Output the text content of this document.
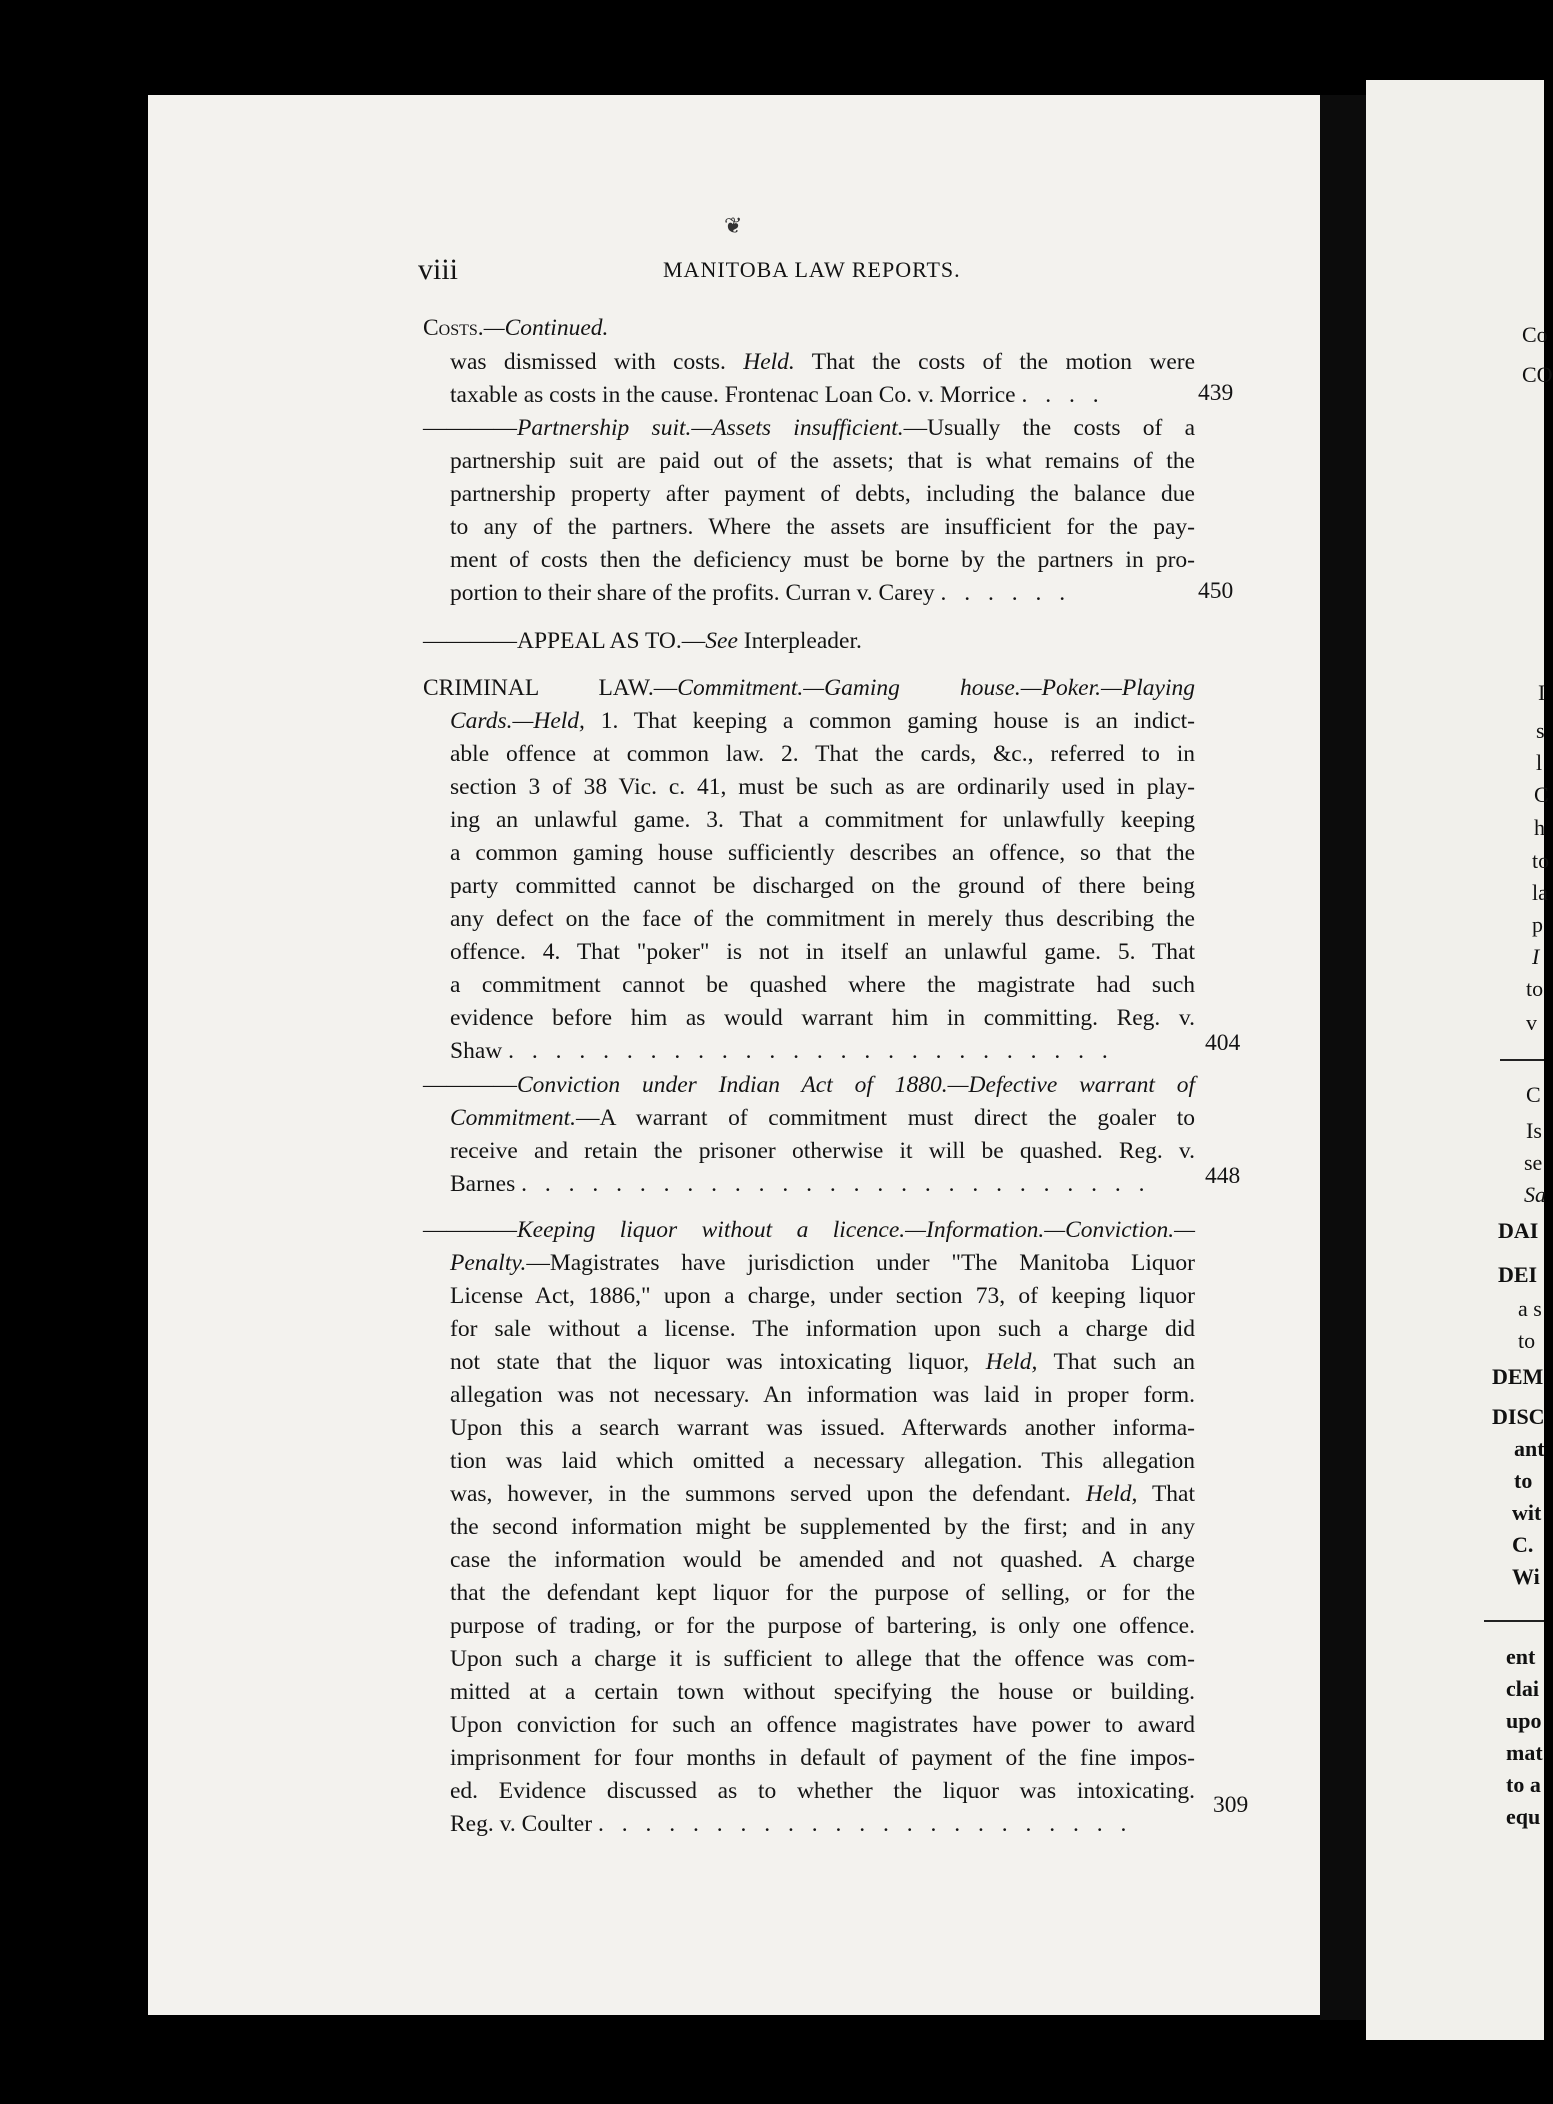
❦
viii	MANITOBA LAW REPORTS.
Costs.—Continued.
was dismissed with costs. Held. That the costs of the motion were
taxable as costs in the cause. Frontenac Loan Co. v. Morrice . . . .	439
————Partnership suit.—Assets insufficient.—Usually the costs of a
partnership suit are paid out of the assets; that is what remains of the
partnership property after payment of debts, including the balance due
to any of the partners. Where the assets are insufficient for the pay-
ment of costs then the deficiency must be borne by the partners in pro-
portion to their share of the profits. Curran v. Carey . . . . . .	450
————APPEAL AS TO.—See Interpleader.
CRIMINAL LAW.—Commitment.—Gaming house.—Poker.—Playing
Cards.—Held, 1. That keeping a common gaming house is an indict-
able offence at common law. 2. That the cards, &c., referred to in
section 3 of 38 Vic. c. 41, must be such as are ordinarily used in play-
ing an unlawful game. 3. That a commitment for unlawfully keeping
a common gaming house sufficiently describes an offence, so that the
party committed cannot be discharged on the ground of there being
any defect on the face of the commitment in merely thus describing the
offence. 4. That "poker" is not in itself an unlawful game. 5. That
a commitment cannot be quashed where the magistrate had such
evidence before him as would warrant him in committing. Reg. v.
Shaw . . . . . . . . . . . . . . . . . . . . . . . . . .	404
————Conviction under Indian Act of 1880.—Defective warrant of
Commitment.—A warrant of commitment must direct the goaler to
receive and retain the prisoner otherwise it will be quashed. Reg. v.
Barnes . . . . . . . . . . . . . . . . . . . . . . . . . . . 448
————Keeping liquor without a licence.—Information.—Conviction.—
Penalty.—Magistrates have jurisdiction under "The Manitoba Liquor
License Act, 1886," upon a charge, under section 73, of keeping liquor
for sale without a license. The information upon such a charge did
not state that the liquor was intoxicating liquor, Held, That such an
allegation was not necessary. An information was laid in proper form.
Upon this a search warrant was issued. Afterwards another informa-
tion was laid which omitted a necessary allegation. This allegation
was, however, in the summons served upon the defendant. Held, That
the second information might be supplemented by the first; and in any
case the information would be amended and not quashed. A charge
that the defendant kept liquor for the purpose of selling, or for the
purpose of trading, or for the purpose of bartering, is only one offence.
Upon such a charge it is sufficient to allege that the offence was com-
mitted at a certain town without specifying the house or building.
Upon conviction for such an offence magistrates have power to award
imprisonment for four months in default of payment of the fine impos-
ed. Evidence discussed as to whether the liquor was intoxicating.
Reg. v. Coulter . . . . . . . . . . . . . . . . . . . . . . .
309
Co
CO
I
s
l
C
h
to
la
p
I
to
v
C
Is
se
Sa
DAI
DEI
a s
to
DEM
DISC
ant
to
wit
C.
Wi
ent
clai
upo
mat
to a
equ
